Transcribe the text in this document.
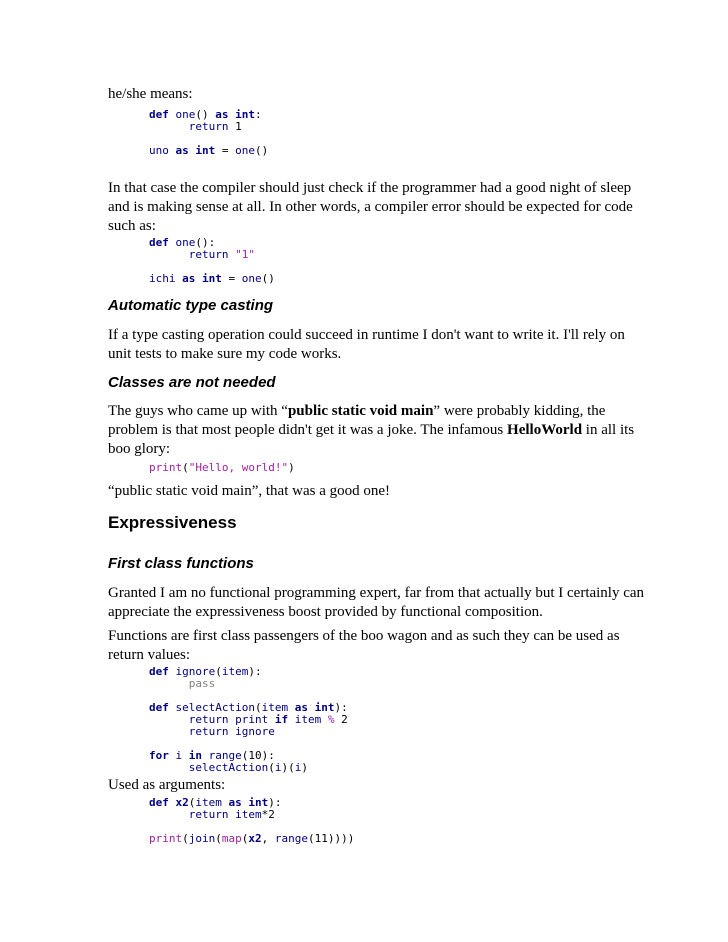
he/she means:
def one() as int:
return 1

uno as int = one()
In that case the compiler should just check if the programmer had a good night of sleep
and is making sense at all. In other words, a compiler error should be expected for code
such as:
def one():
return "1"

ichi as int = one()
Automatic type casting
If a type casting operation could succeed in runtime I don't want to write it. I'll rely on
unit tests to make sure my code works.
Classes are not needed
The guys who came up with “public static void main” were probably kidding, the
problem is that most people didn't get it was a joke. The infamous HelloWorld in all its
boo glory:
print("Hello, world!")
“public static void main”, that was a good one!
Expressiveness
First class functions
Granted I am no functional programming expert, far from that actually but I certainly can
appreciate the expressiveness boost provided by functional composition.
Functions are first class passengers of the boo wagon and as such they can be used as
return values:
def ignore(item):
pass

def selectAction(item as int):
return print if item % 2
return ignore

for i in range(10):
selectAction(i)(i)
Used as arguments:
def x2(item as int):
return item*2

print(join(map(x2, range(11))))
